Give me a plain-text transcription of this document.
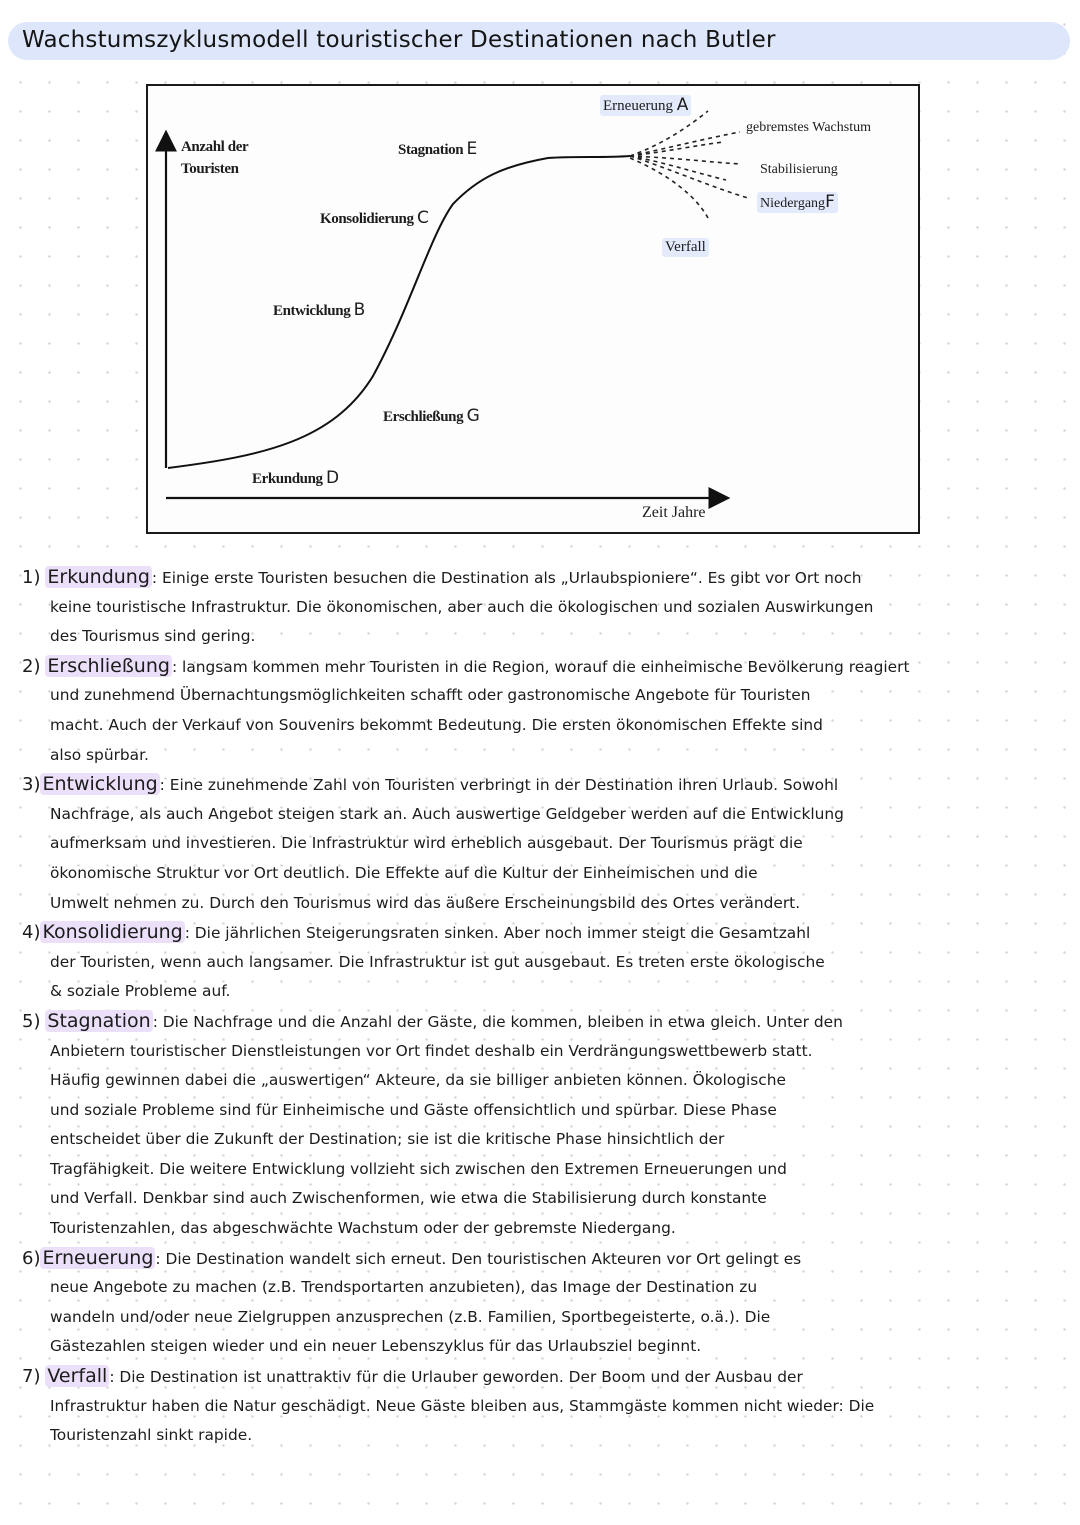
Wachstumszyklusmodell touristischer Destinationen nach Butler
Anzahl der
Touristen
Zeit Jahre
Erkundung D
Erschließung G
Entwicklung B
Konsolidierung C
Stagnation E
Erneuerung A
gebremstes Wachstum
Stabilisierung
NiedergangF
Verfall
1) Erkundung : Einige erste Touristen besuchen die Destination als „Urlaubspioniere“. Es gibt vor Ort noch
keine touristische Infrastruktur. Die ökonomischen, aber auch die ökologischen und sozialen Auswirkungen
des Tourismus sind gering.
2) Erschließung : langsam kommen mehr Touristen in die Region, worauf die einheimische Bevölkerung reagiert
und zunehmend Übernachtungsmöglichkeiten schafft oder gastronomische Angebote für Touristen
macht. Auch der Verkauf von Souvenirs bekommt Bedeutung. Die ersten ökonomischen Effekte sind
also spürbar.
3) Entwicklung : Eine zunehmende Zahl von Touristen verbringt in der Destination ihren Urlaub. Sowohl
Nachfrage, als auch Angebot steigen stark an. Auch auswertige Geldgeber werden auf die Entwicklung
aufmerksam und investieren. Die Infrastruktur wird erheblich ausgebaut. Der Tourismus prägt die
ökonomische Struktur vor Ort deutlich. Die Effekte auf die Kultur der Einheimischen und die
Umwelt nehmen zu. Durch den Tourismus wird das äußere Erscheinungsbild des Ortes verändert.
4) Konsolidierung : Die jährlichen Steigerungsraten sinken. Aber noch immer steigt die Gesamtzahl
der Touristen, wenn auch langsamer. Die Infrastruktur ist gut ausgebaut. Es treten erste ökologische
& soziale Probleme auf.
5) Stagnation : Die Nachfrage und die Anzahl der Gäste, die kommen, bleiben in etwa gleich. Unter den
Anbietern touristischer Dienstleistungen vor Ort findet deshalb ein Verdrängungswettbewerb statt.
Häufig gewinnen dabei die „auswertigen“ Akteure, da sie billiger anbieten können. Ökologische
und soziale Probleme sind für Einheimische und Gäste offensichtlich und spürbar. Diese Phase
entscheidet über die Zukunft der Destination; sie ist die kritische Phase hinsichtlich der
Tragfähigkeit. Die weitere Entwicklung vollzieht sich zwischen den Extremen Erneuerungen und
und Verfall. Denkbar sind auch Zwischenformen, wie etwa die Stabilisierung durch konstante
Touristenzahlen, das abgeschwächte Wachstum oder der gebremste Niedergang.
6) Erneuerung : Die Destination wandelt sich erneut. Den touristischen Akteuren vor Ort gelingt es
neue Angebote zu machen (z.B. Trendsportarten anzubieten), das Image der Destination zu
wandeln und/oder neue Zielgruppen anzusprechen (z.B. Familien, Sportbegeisterte, o.ä.). Die
Gästezahlen steigen wieder und ein neuer Lebenszyklus für das Urlaubsziel beginnt.
7) Verfall : Die Destination ist unattraktiv für die Urlauber geworden. Der Boom und der Ausbau der
Infrastruktur haben die Natur geschädigt. Neue Gäste bleiben aus, Stammgäste kommen nicht wieder: Die
Touristenzahl sinkt rapide.
